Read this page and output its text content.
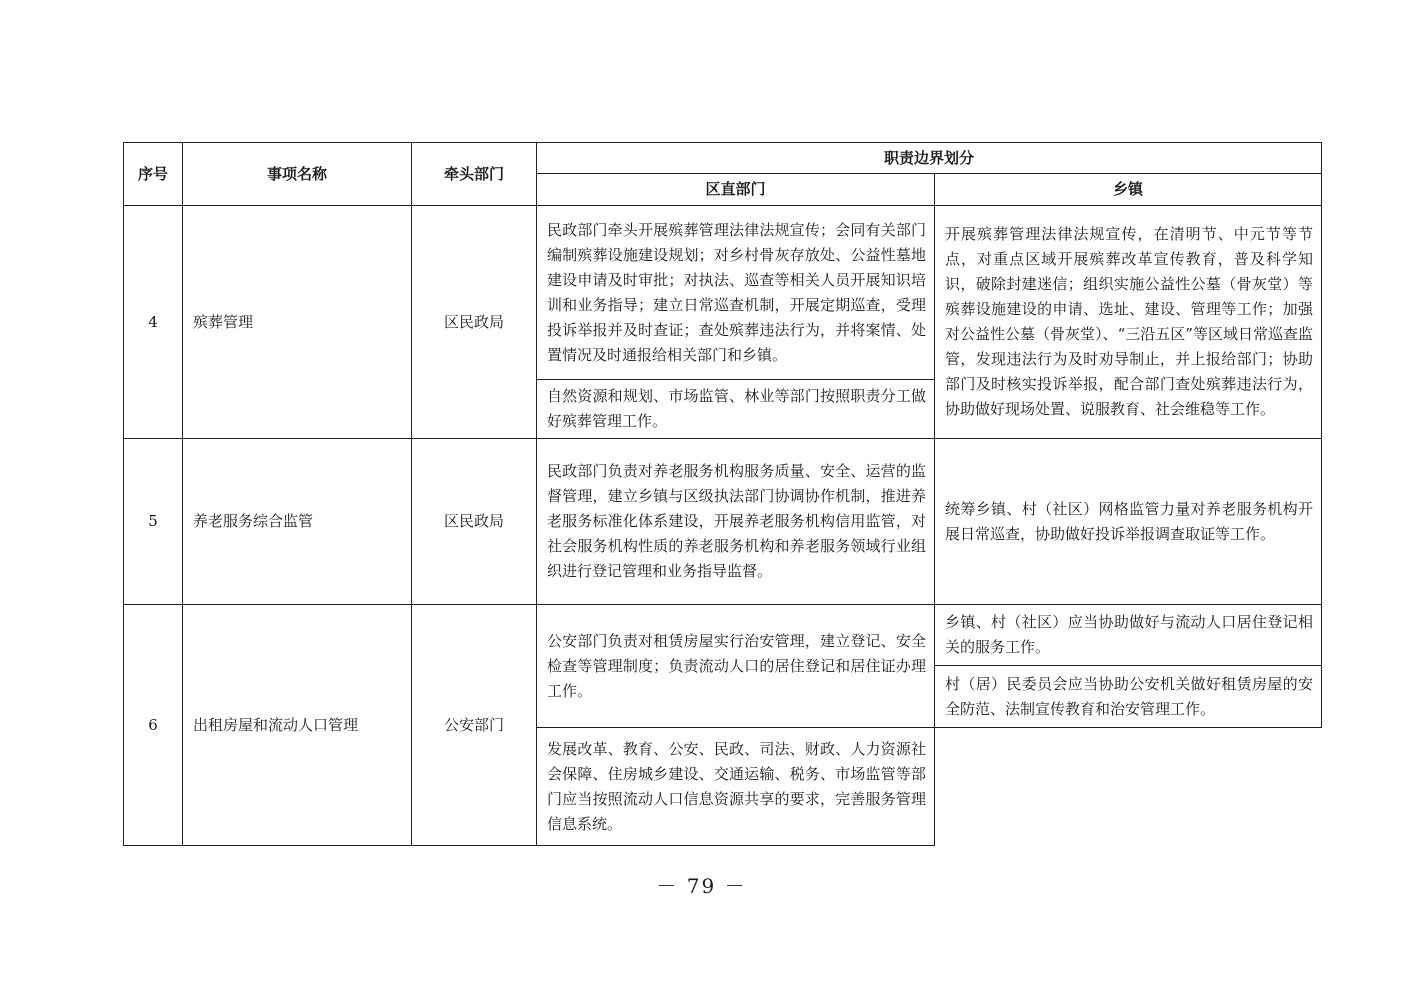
序号	事项名称	牵头部门	职责边界划分	
			区直部门	乡镇
4	殡葬管理	区民政局	民政部门牵头开展殡葬管理法律法规宣传；会同有关部门编制殡葬设施建设规划；对乡村骨灰存放处、公益性墓地建设申请及时审批；对执法、巡查等相关人员开展知识培训和业务指导；建立日常巡查机制，开展定期巡查，受理投诉举报并及时查证；查处殡葬违法行为，并将案情、处置情况及时通报给相关部门和乡镇。	开展殡葬管理法律法规宣传，在清明节、中元节等节点，对重点区域开展殡葬改革宣传教育，普及科学知识，破除封建迷信；组织实施公益性公墓（骨灰堂）等殡葬设施建设的申请、选址、建设、管理等工作；加强对公益性公墓（骨灰堂）、“三沿五区”等区域日常巡查监管，发现违法行为及时劝导制止，并上报给部门；协助部门及时核实投诉举报，配合部门查处殡葬违法行为，协助做好现场处置、说服教育、社会维稳等工作。
			自然资源和规划、市场监管、林业等部门按照职责分工做好殡葬管理工作。	
5	养老服务综合监管	区民政局	民政部门负责对养老服务机构服务质量、安全、运营的监督管理，建立乡镇与区级执法部门协调协作机制，推进养老服务标准化体系建设，开展养老服务机构信用监管，对社会服务机构性质的养老服务机构和养老服务领域行业组织进行登记管理和业务指导监督。	统筹乡镇、村（社区）网格监管力量对养老服务机构开展日常巡查，协助做好投诉举报调查取证等工作。
6	出租房屋和流动人口管理	公安部门	公安部门负责对租赁房屋实行治安管理，建立登记、安全检查等管理制度；负责流动人口的居住登记和居住证办理工作。	乡镇、村（社区）应当协助做好与流动人口居住登记相关的服务工作。
				村（居）民委员会应当协助公安机关做好租赁房屋的安全防范、法制宣传教育和治安管理工作。
			发展改革、教育、公安、民政、司法、财政、人力资源社会保障、住房城乡建设、交通运输、税务、市场监管等部门应当按照流动人口信息资源共享的要求，完善服务管理信息系统。	

－ 79 －
